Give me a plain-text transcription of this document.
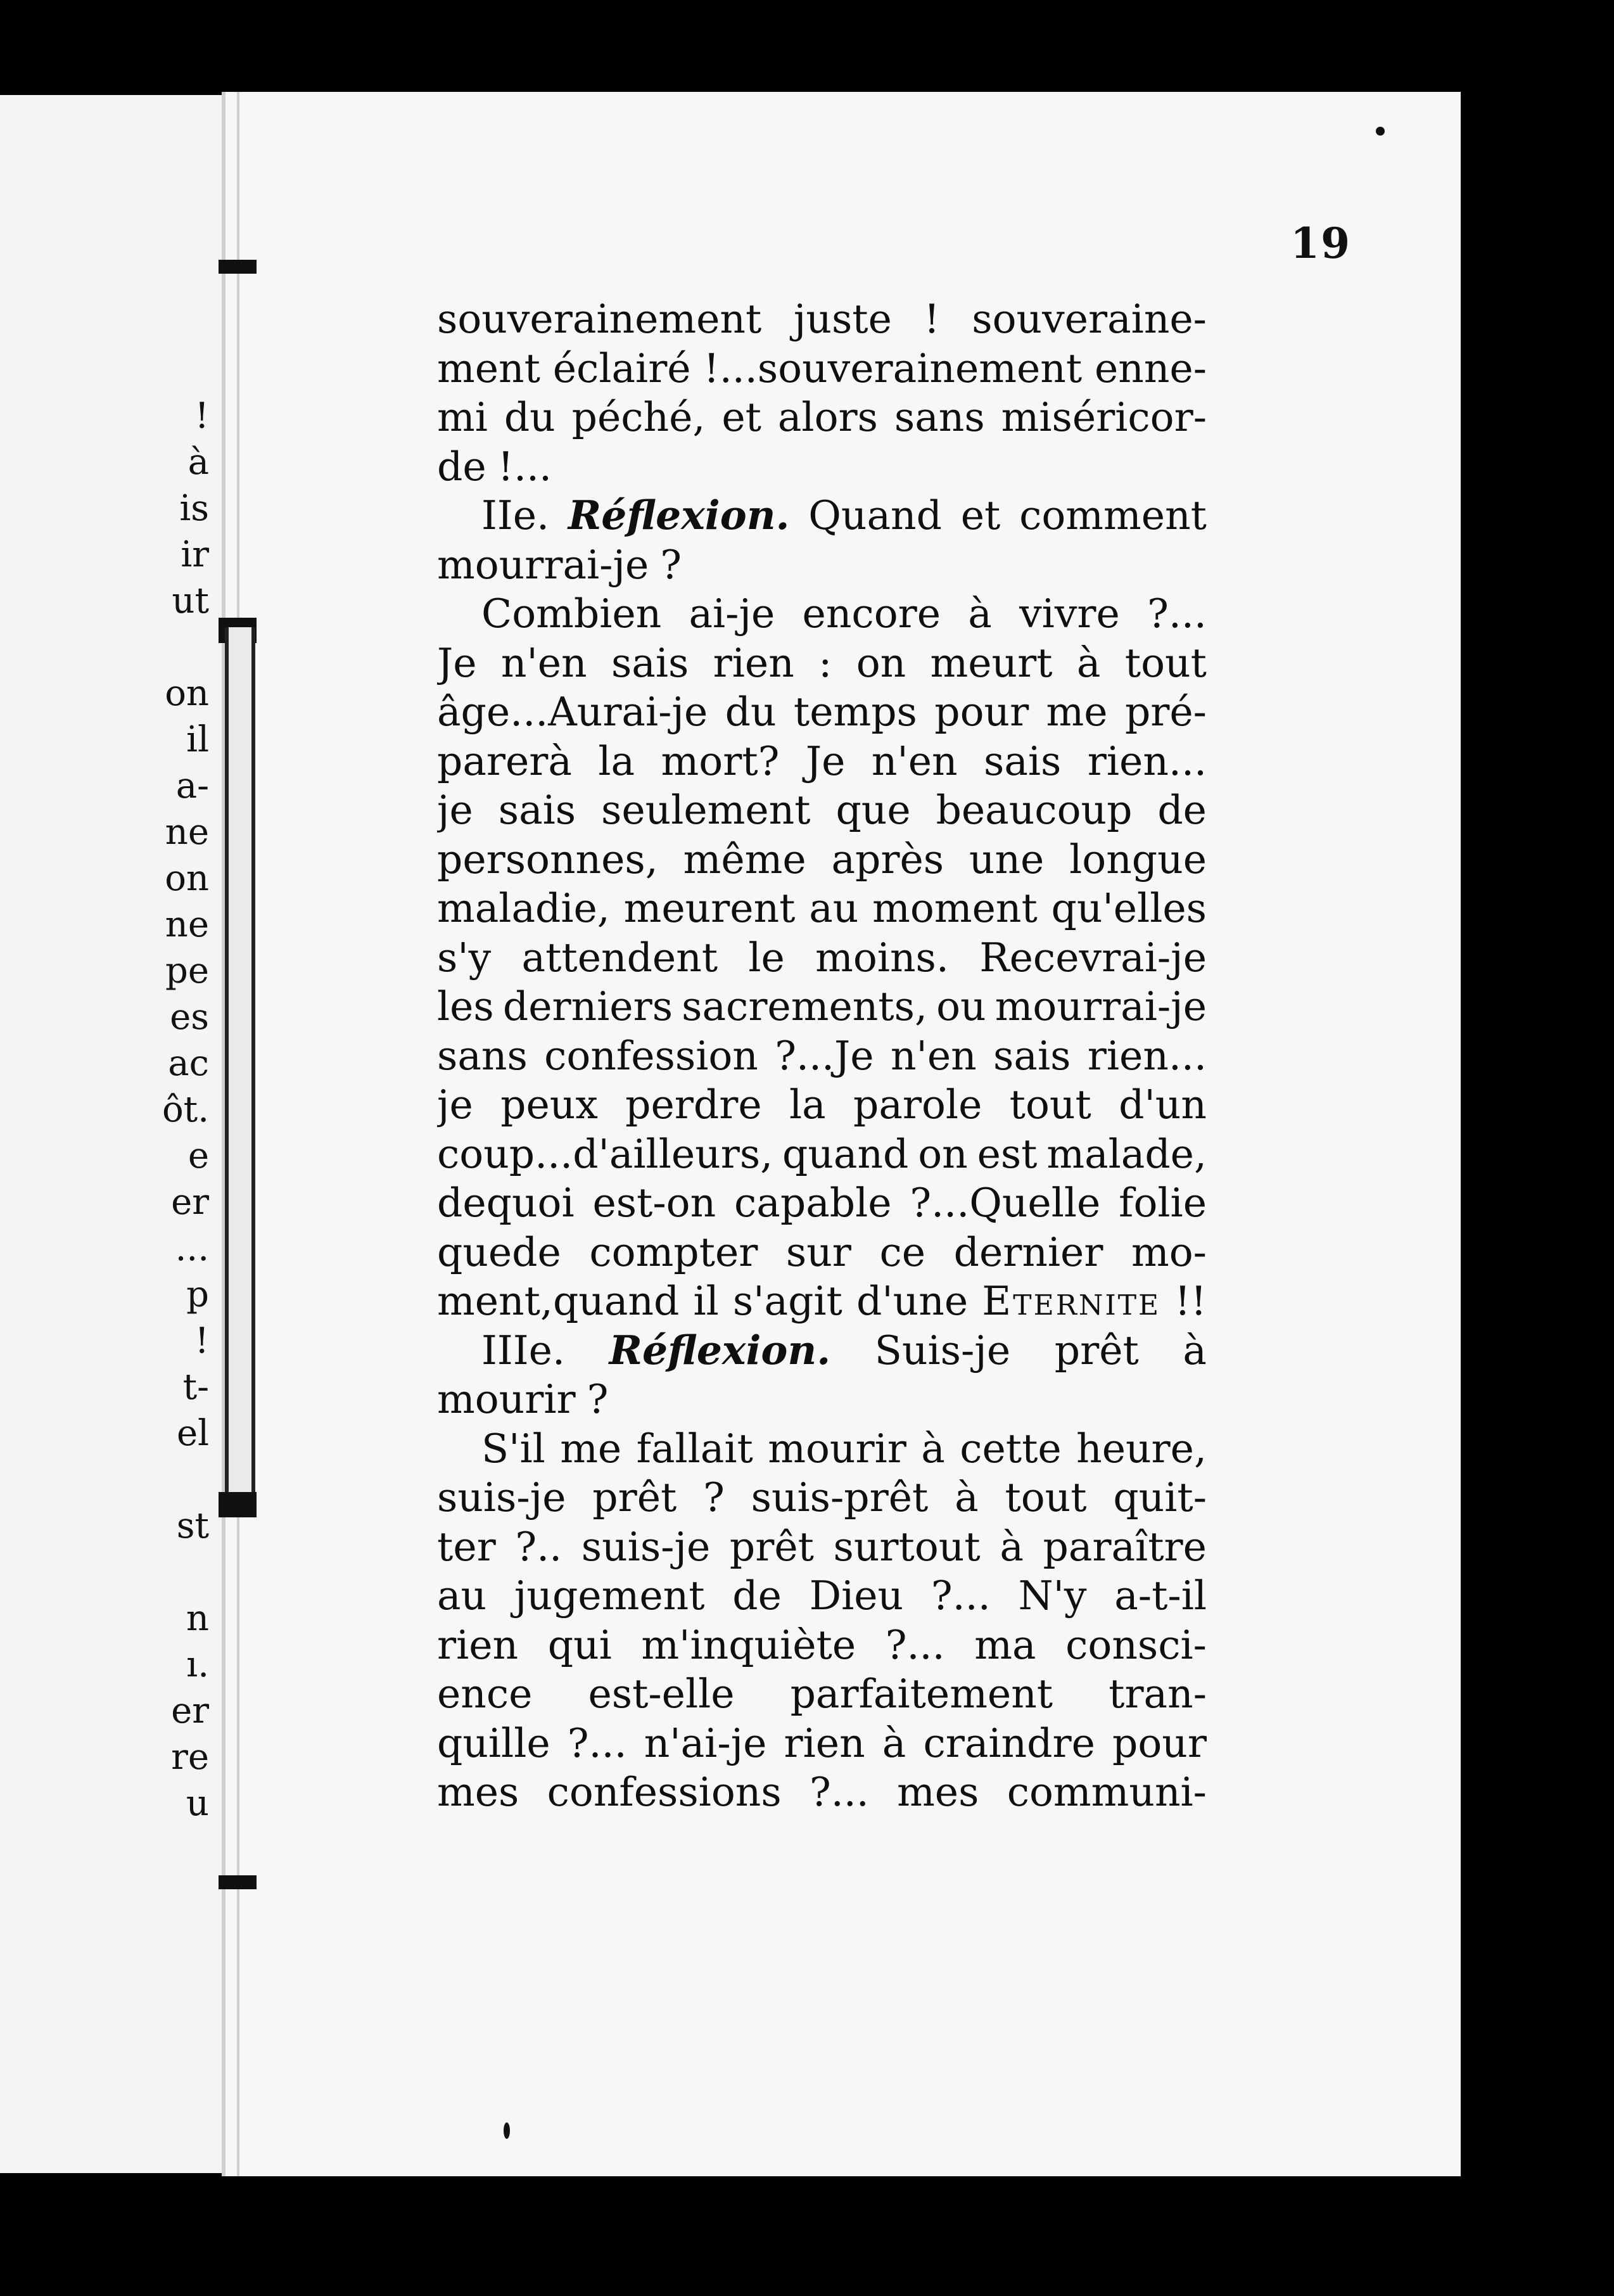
!
à
is
ir
ut
on
il
a-
ne
on
ne
pe
es
ac
ôt.
e
er
...
p
!
t-
el
st
n
ı.
er
re
u
19
souverainement juste ! souveraine-
ment éclairé !...souverainement enne-
mi du péché, et alors sans miséricor-
de !...
IIe. Réflexion. Quand et comment
mourrai-je ?
Combien ai-je encore à vivre ?...
Je n'en sais rien : on meurt à tout
âge...Aurai-je du temps pour me pré-
parerà la mort? Je n'en sais rien...
je sais seulement que beaucoup de
personnes, même après une longue
maladie, meurent au moment qu'elles
s'y attendent le moins. Recevrai-je
les derniers sacrements, ou mourrai-je
sans confession ?...Je n'en sais rien...
je peux perdre la parole tout d'un
coup...d'ailleurs, quand on est malade,
dequoi est-on capable ?...Quelle folie
quede compter sur ce dernier mo-
ment,quand il s'agit d'une Eternite !!
IIIe. Réflexion. Suis-je prêt à
mourir ?
S'il me fallait mourir à cette heure,
suis-je prêt ? suis-prêt à tout quit-
ter ?.. suis-je prêt surtout à paraître
au jugement de Dieu ?... N'y a-t-il
rien qui m'inquiète ?... ma consci-
ence est-elle parfaitement tran-
quille ?... n'ai-je rien à craindre pour
mes confessions ?... mes communi-
